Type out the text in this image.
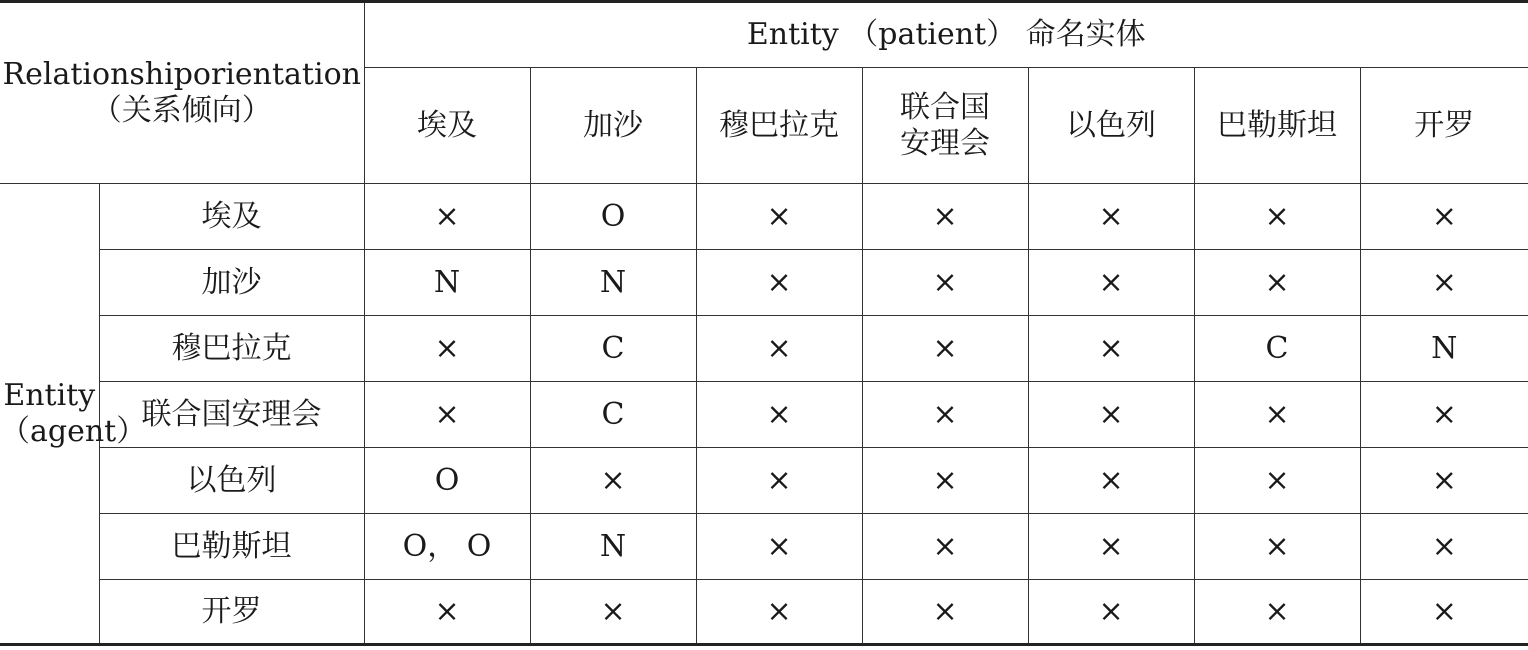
Relationshiporientation
（关系倾向）		Entity （patient） 命名实体						
		埃及	加沙	穆巴拉克	联合国安理会	以色列	巴勒斯坦	开罗

Entity
（agent）	埃及	×	O	×	×	×	×	×
	加沙	N	N	×	×	×	×	×
	穆巴拉克	×	C	×	×	×	C	N
	联合国安理会	×	C	×	×	×	×	×
	以色列	O	×	×	×	×	×	×
	巴勒斯坦	O， O	N	×	×	×	×	×
	开罗	×	×	×	×	×	×	×
